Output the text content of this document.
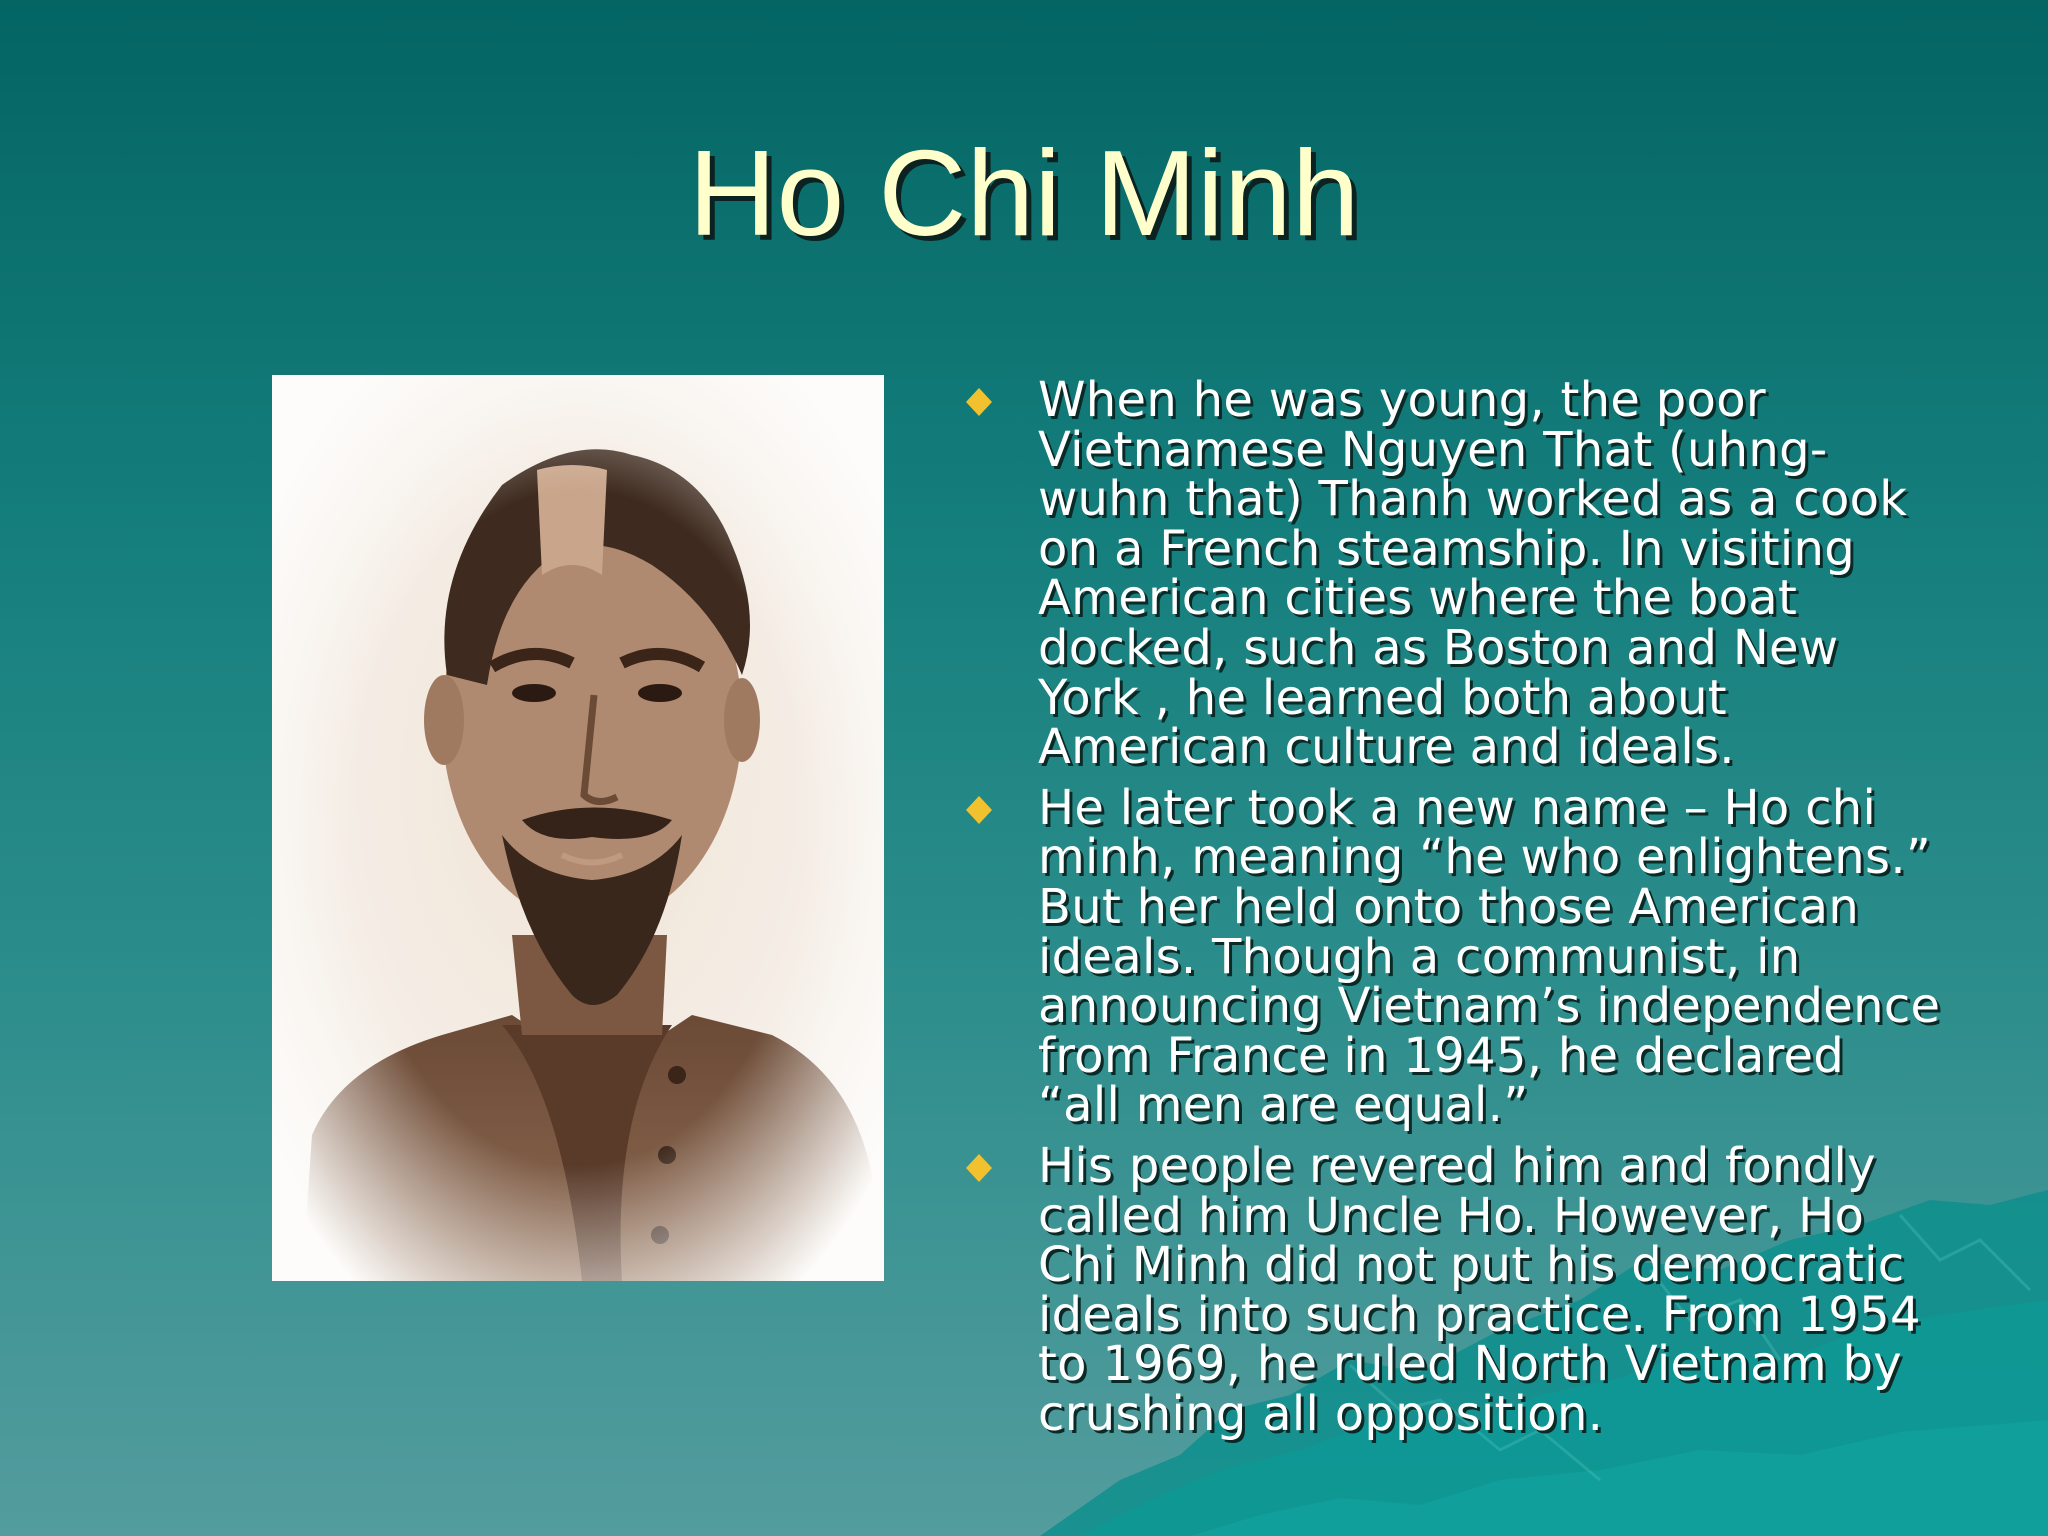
Ho Chi Minh
When he was young, the poor
Vietnamese Nguyen That (uhng-
wuhn that) Thanh worked as a cook
on a French steamship. In visiting
American cities where the boat
docked, such as Boston and New
York , he learned both about
American culture and ideals.
He later took a new name – Ho chi
minh, meaning “he who enlightens.”
But her held onto those American
ideals. Though a communist, in
announcing Vietnam’s independence
from France in 1945, he declared
“all men are equal.”
His people revered him and fondly
called him Uncle Ho. However, Ho
Chi Minh did not put his democratic
ideals into such practice. From 1954
to 1969, he ruled North Vietnam by
crushing all opposition.
